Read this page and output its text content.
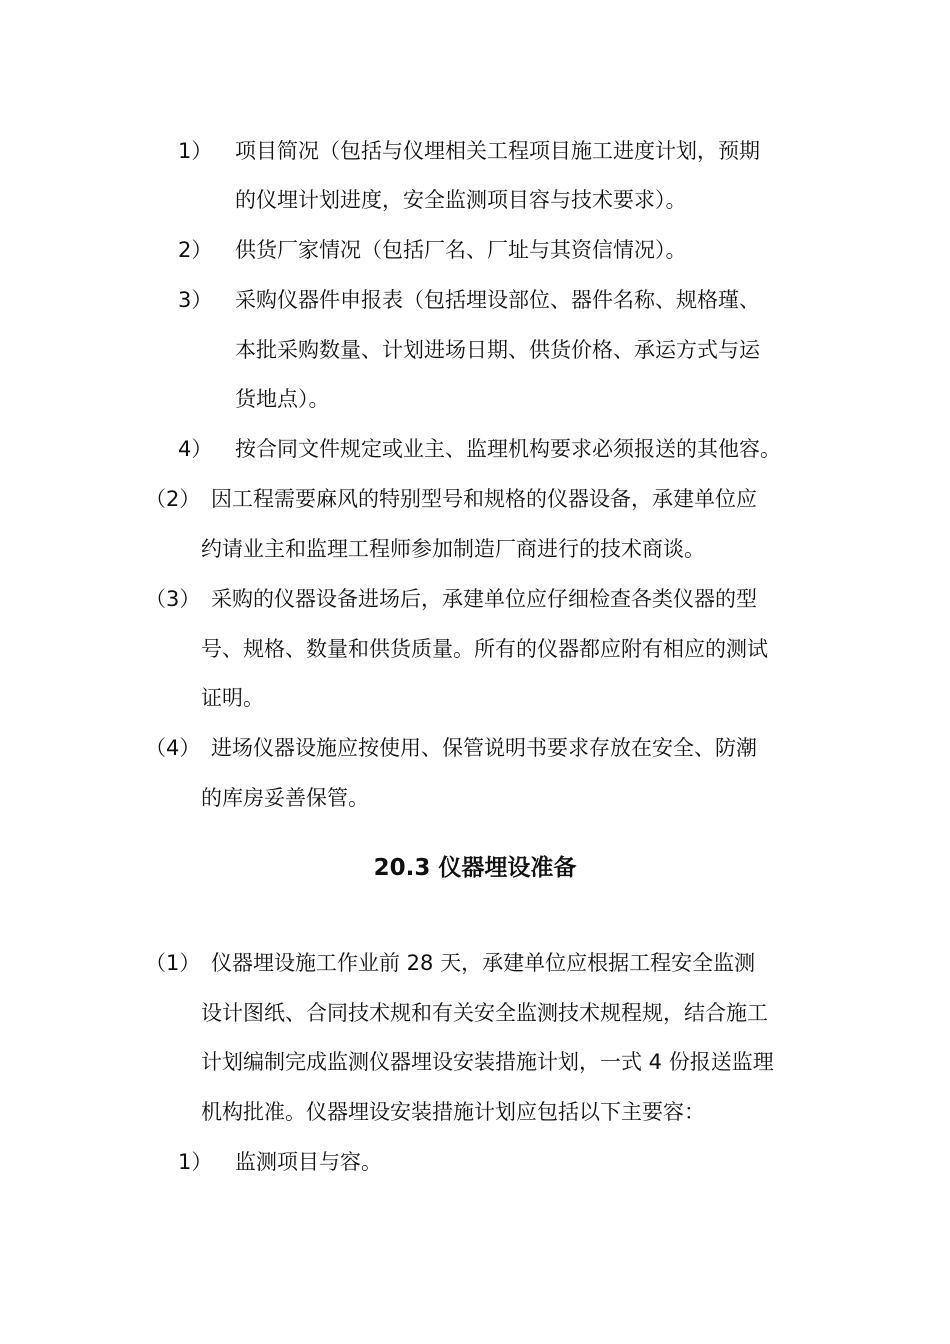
1） 项目简况（包括与仪埋相关工程项目施工进度计划，预期
的仪埋计划进度，安全监测项目容与技术要求）。
2） 供货厂家情况（包括厂名、厂址与其资信情况）。
3） 采购仪器件申报表（包括埋设部位、器件名称、规格瑾、
本批采购数量、计划进场日期、供货价格、承运方式与运
货地点）。
4） 按合同文件规定或业主、监理机构要求必须报送的其他容。
（2） 因工程需要麻风的特别型号和规格的仪器设备，承建单位应
约请业主和监理工程师参加制造厂商进行的技术商谈。
（3） 采购的仪器设备进场后，承建单位应仔细检查各类仪器的型
号、规格、数量和供货质量。所有的仪器都应附有相应的测试
证明。
（4） 进场仪器设施应按使用、保管说明书要求存放在安全、防潮
的库房妥善保管。
20.3 仪器埋设准备
（1） 仪器埋设施工作业前 28 天，承建单位应根据工程安全监测
设计图纸、合同技术规和有关安全监测技术规程规，结合施工
计划编制完成监测仪器埋设安装措施计划，一式 4 份报送监理
机构批准。仪器埋设安装措施计划应包括以下主要容：
1） 监测项目与容。
